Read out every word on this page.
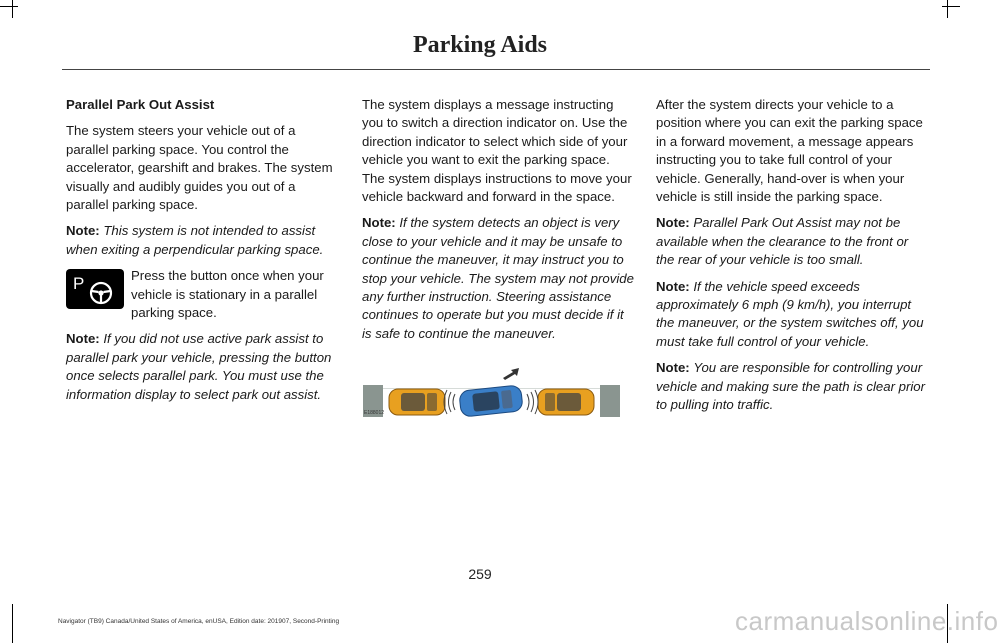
Parking Aids

Parallel Park Out Assist

The system steers your vehicle out of a parallel parking space. You control the accelerator, gearshift and brakes. The system visually and audibly guides you out of a parallel parking space.

Note: This system is not intended to assist when exiting a perpendicular parking space.

P	Press the button once when your vehicle is stationary in a parallel parking space.

Note: If you did not use active park assist to parallel park your vehicle, pressing the button once selects parallel park. You must use the information display to select park out assist.

The system displays a message instructing you to switch a direction indicator on. Use the direction indicator to select which side of your vehicle you want to exit the parking space. The system displays instructions to move your vehicle backward and forward in the space.

Note: If the system detects an object is very close to your vehicle and it may be unsafe to continue the maneuver, it may instruct you to stop your vehicle. The system may not provide any further instruction. Steering assistance continues to operate but you must decide if it is safe to continue the maneuver.

E188012

After the system directs your vehicle to a position where you can exit the parking space in a forward movement, a message appears instructing you to take full control of your vehicle. Generally, hand-over is when your vehicle is still inside the parking space.

Note: Parallel Park Out Assist may not be available when the clearance to the front or the rear of your vehicle is too small.

Note: If the vehicle speed exceeds approximately 6 mph (9 km/h), you interrupt the maneuver, or the system switches off, you must take full control of your vehicle.

Note: You are responsible for controlling your vehicle and making sure the path is clear prior to pulling into traffic.

259
Navigator (TB9) Canada/United States of America, enUSA, Edition date: 201907, Second-Printing	carmanualsonline.info
